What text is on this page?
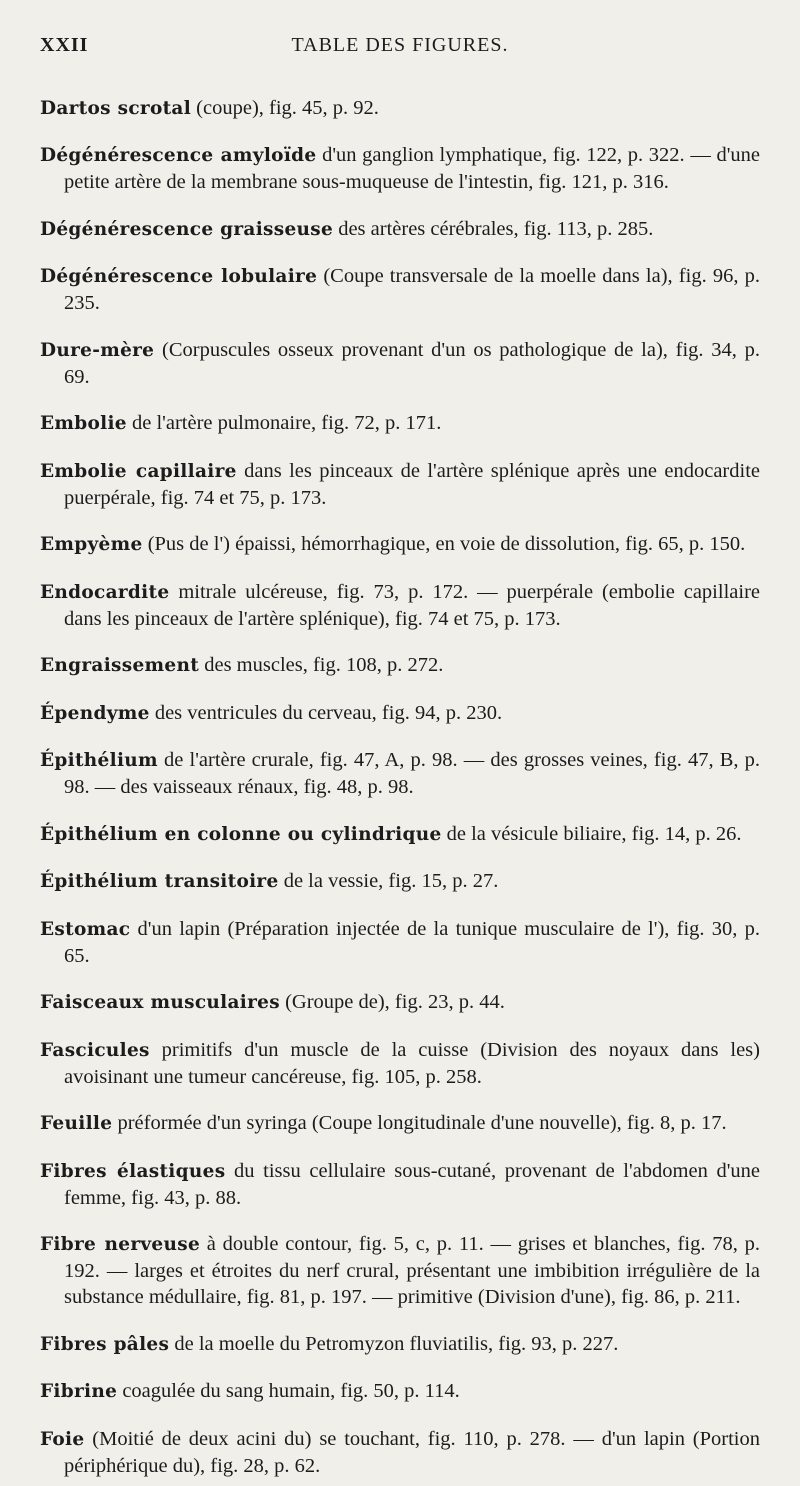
XXII	TABLE DES FIGURES.

Dartos scrotal (coupe), fig. 45, p. 92.

Dégénérescence amyloïde d'un ganglion lymphatique, fig. 122, p. 322. — d'une petite artère de la membrane sous-muqueuse de l'intestin, fig. 121, p. 316.

Dégénérescence graisseuse des artères cérébrales, fig. 113, p. 285.

Dégénérescence lobulaire (Coupe transversale de la moelle dans la), fig. 96, p. 235.

Dure-mère (Corpuscules osseux provenant d'un os pathologique de la), fig. 34, p. 69.

Embolie de l'artère pulmonaire, fig. 72, p. 171.

Embolie capillaire dans les pinceaux de l'artère splénique après une endocardite puerpérale, fig. 74 et 75, p. 173.

Empyème (Pus de l') épaissi, hémorrhagique, en voie de dissolution, fig. 65, p. 150.

Endocardite mitrale ulcéreuse, fig. 73, p. 172. — puerpérale (embolie capillaire dans les pinceaux de l'artère splénique), fig. 74 et 75, p. 173.

Engraissement des muscles, fig. 108, p. 272.

Épendyme des ventricules du cerveau, fig. 94, p. 230.

Épithélium de l'artère crurale, fig. 47, A, p. 98. — des grosses veines, fig. 47, B, p. 98. — des vaisseaux rénaux, fig. 48, p. 98.

Épithélium en colonne ou cylindrique de la vésicule biliaire, fig. 14, p. 26.

Épithélium transitoire de la vessie, fig. 15, p. 27.

Estomac d'un lapin (Préparation injectée de la tunique musculaire de l'), fig. 30, p. 65.

Faisceaux musculaires (Groupe de), fig. 23, p. 44.

Fascicules primitifs d'un muscle de la cuisse (Division des noyaux dans les) avoisinant une tumeur cancéreuse, fig. 105, p. 258.

Feuille préformée d'un syringa (Coupe longitudinale d'une nouvelle), fig. 8, p. 17.

Fibres élastiques du tissu cellulaire sous-cutané, provenant de l'abdomen d'une femme, fig. 43, p. 88.

Fibre nerveuse à double contour, fig. 5, c, p. 11. — grises et blanches, fig. 78, p. 192. — larges et étroites du nerf crural, présentant une imbibition irrégulière de la substance médullaire, fig. 81, p. 197. — primitive (Division d'une), fig. 86, p. 211.

Fibres pâles de la moelle du Petromyzon fluviatilis, fig. 93, p. 227.

Fibrine coagulée du sang humain, fig. 50, p. 114.

Foie (Moitié de deux acini du) se touchant, fig. 110, p. 278. — d'un lapin (Portion périphérique du), fig. 28, p. 62.
